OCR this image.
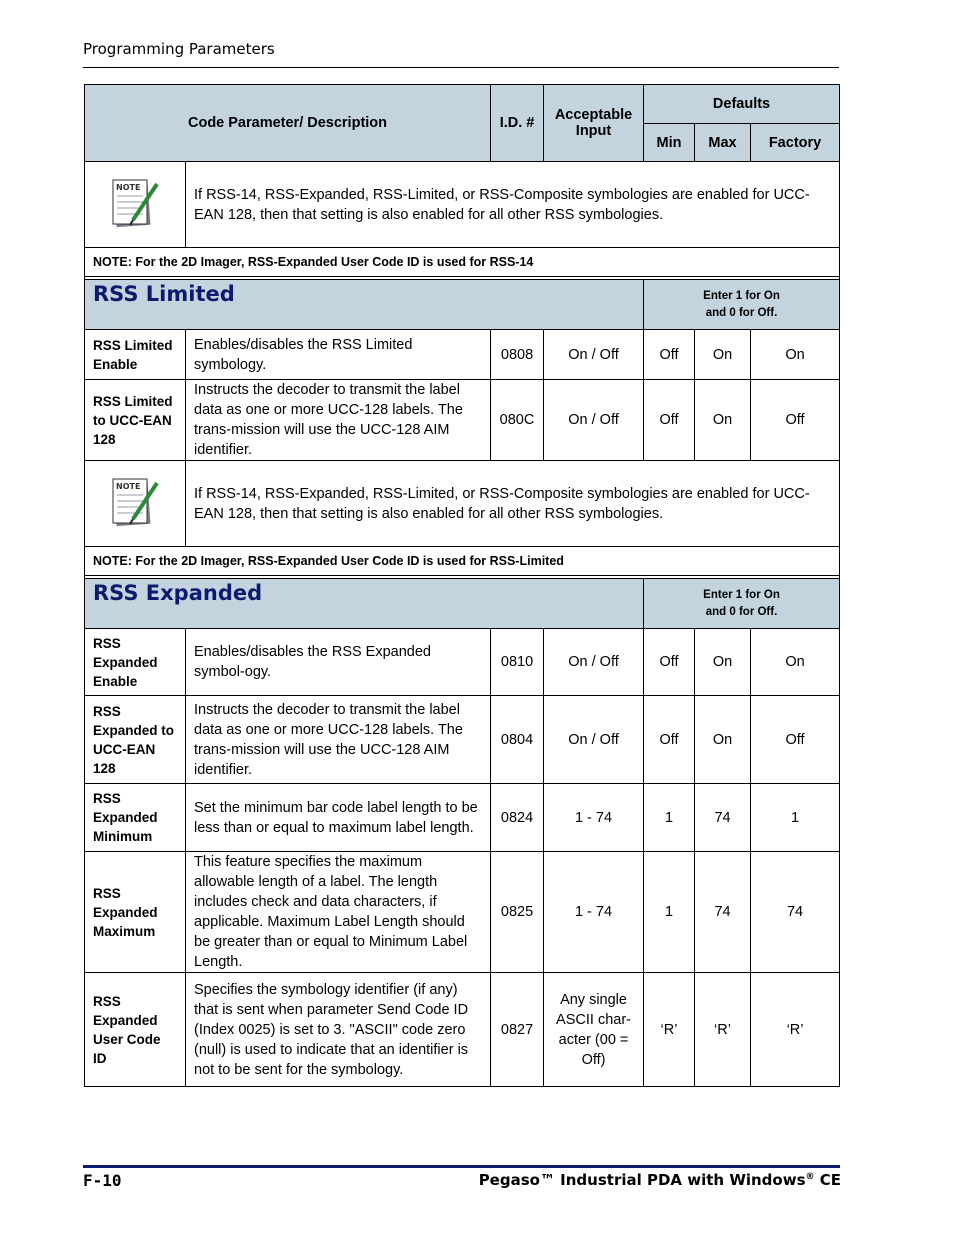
Programming Parameters
Code Parameter/ Description		I.D. #	Acceptable Input	Defaults		
				Min	Max	Factory

NOTE	If RSS-14, RSS-Expanded, RSS-Limited, or RSS-Composite symbologies are enabled for UCC-EAN 128, then that setting is also enabled for all other RSS symbologies.					
NOTE: For the 2D Imager, RSS-Expanded User Code ID is used for RSS-14						

RSS Limited				Enter 1 for On
and 0 for Off.		

RSS Limited Enable	Enables/disables the RSS Limited symbology.	0808	On / Off	Off	On	On
RSS Limited to UCC-EAN 128	Instructs the decoder to transmit the label data as one or more UCC-128 labels. The trans-mission will use the UCC-128 AIM identifier.	080C	On / Off	Off	On	Off

NOTE	If RSS-14, RSS-Expanded, RSS-Limited, or RSS-Composite symbologies are enabled for UCC-EAN 128, then that setting is also enabled for all other RSS symbologies.					
NOTE: For the 2D Imager, RSS-Expanded User Code ID is used for RSS-Limited						

RSS Expanded				Enter 1 for On
and 0 for Off.		

RSS Expanded Enable	Enables/disables the RSS Expanded symbol-ogy.	0810	On / Off	Off	On	On
RSS Expanded to UCC-EAN 128	Instructs the decoder to transmit the label data as one or more UCC-128 labels. The trans-mission will use the UCC-128 AIM identifier.	0804	On / Off	Off	On	Off
RSS Expanded Minimum	Set the minimum bar code label length to be less than or equal to maximum label length.	0824	1 - 74	1	74	1
RSS Expanded Maximum	This feature specifies the maximum allowable length of a label. The length includes check and data characters, if applicable. Maximum Label Length should be greater than or equal to Minimum Label Length.	0825	1 - 74	1	74	74
RSS Expanded User Code ID	Specifies the symbology identifier (if any) that is sent when parameter Send Code ID (Index 0025) is set to 3. "ASCII" code zero (null) is used to indicate that an identifier is not to be sent for the symbology.	0827	Any single ASCII char-acter (00 = Off)	‘R’	‘R’	‘R’
F-10	Pegaso™ Industrial PDA with Windows® CE
